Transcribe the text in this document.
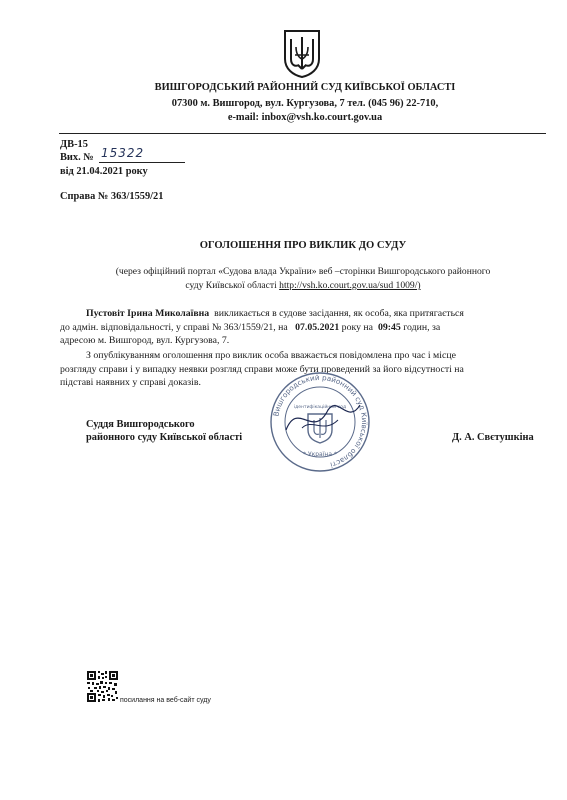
ВИШГОРОДСЬКИЙ РАЙОННИЙ СУД КИЇВСЬКОЇ ОБЛАСТІ
07300 м. Вишгород, вул. Кургузова, 7 тел. (045 96) 22-710,
e-mail: inbox@vsh.ko.court.gov.ua
ДВ-15
Вих. № 15322
від 21.04.2021 року
Справа № 363/1559/21
ОГОЛОШЕННЯ ПРО ВИКЛИК ДО СУДУ
(через офіційний портал «Судова влада України» веб –сторінки Вишгородського районного
суду Київської області http://vsh.ko.court.gov.ua/sud 1009/)
Пустовіт Ірина Миколаївна викликається в судове засідання, як особа, яка притягається
до адмін. відповідальності, у справі № 363/1559/21, на 07.05.2021 року на 09:45 годин, за
адресою м. Вишгород, вул. Кургузова, 7.
З опублікуванням оголошення про виклик особа вважається повідомлена про час і місце
розгляду справи і у випадку неявки розгляд справи може бути проведений за його відсутності на
підставі наявних у справі доказів.
Суддя Вишгородського
районного суду Київської області	Д. А. Свєтушкіна
Вишгородський районний суд Київської області
ідентифікаційний код
* Україна *
посилання на веб-сайт суду
